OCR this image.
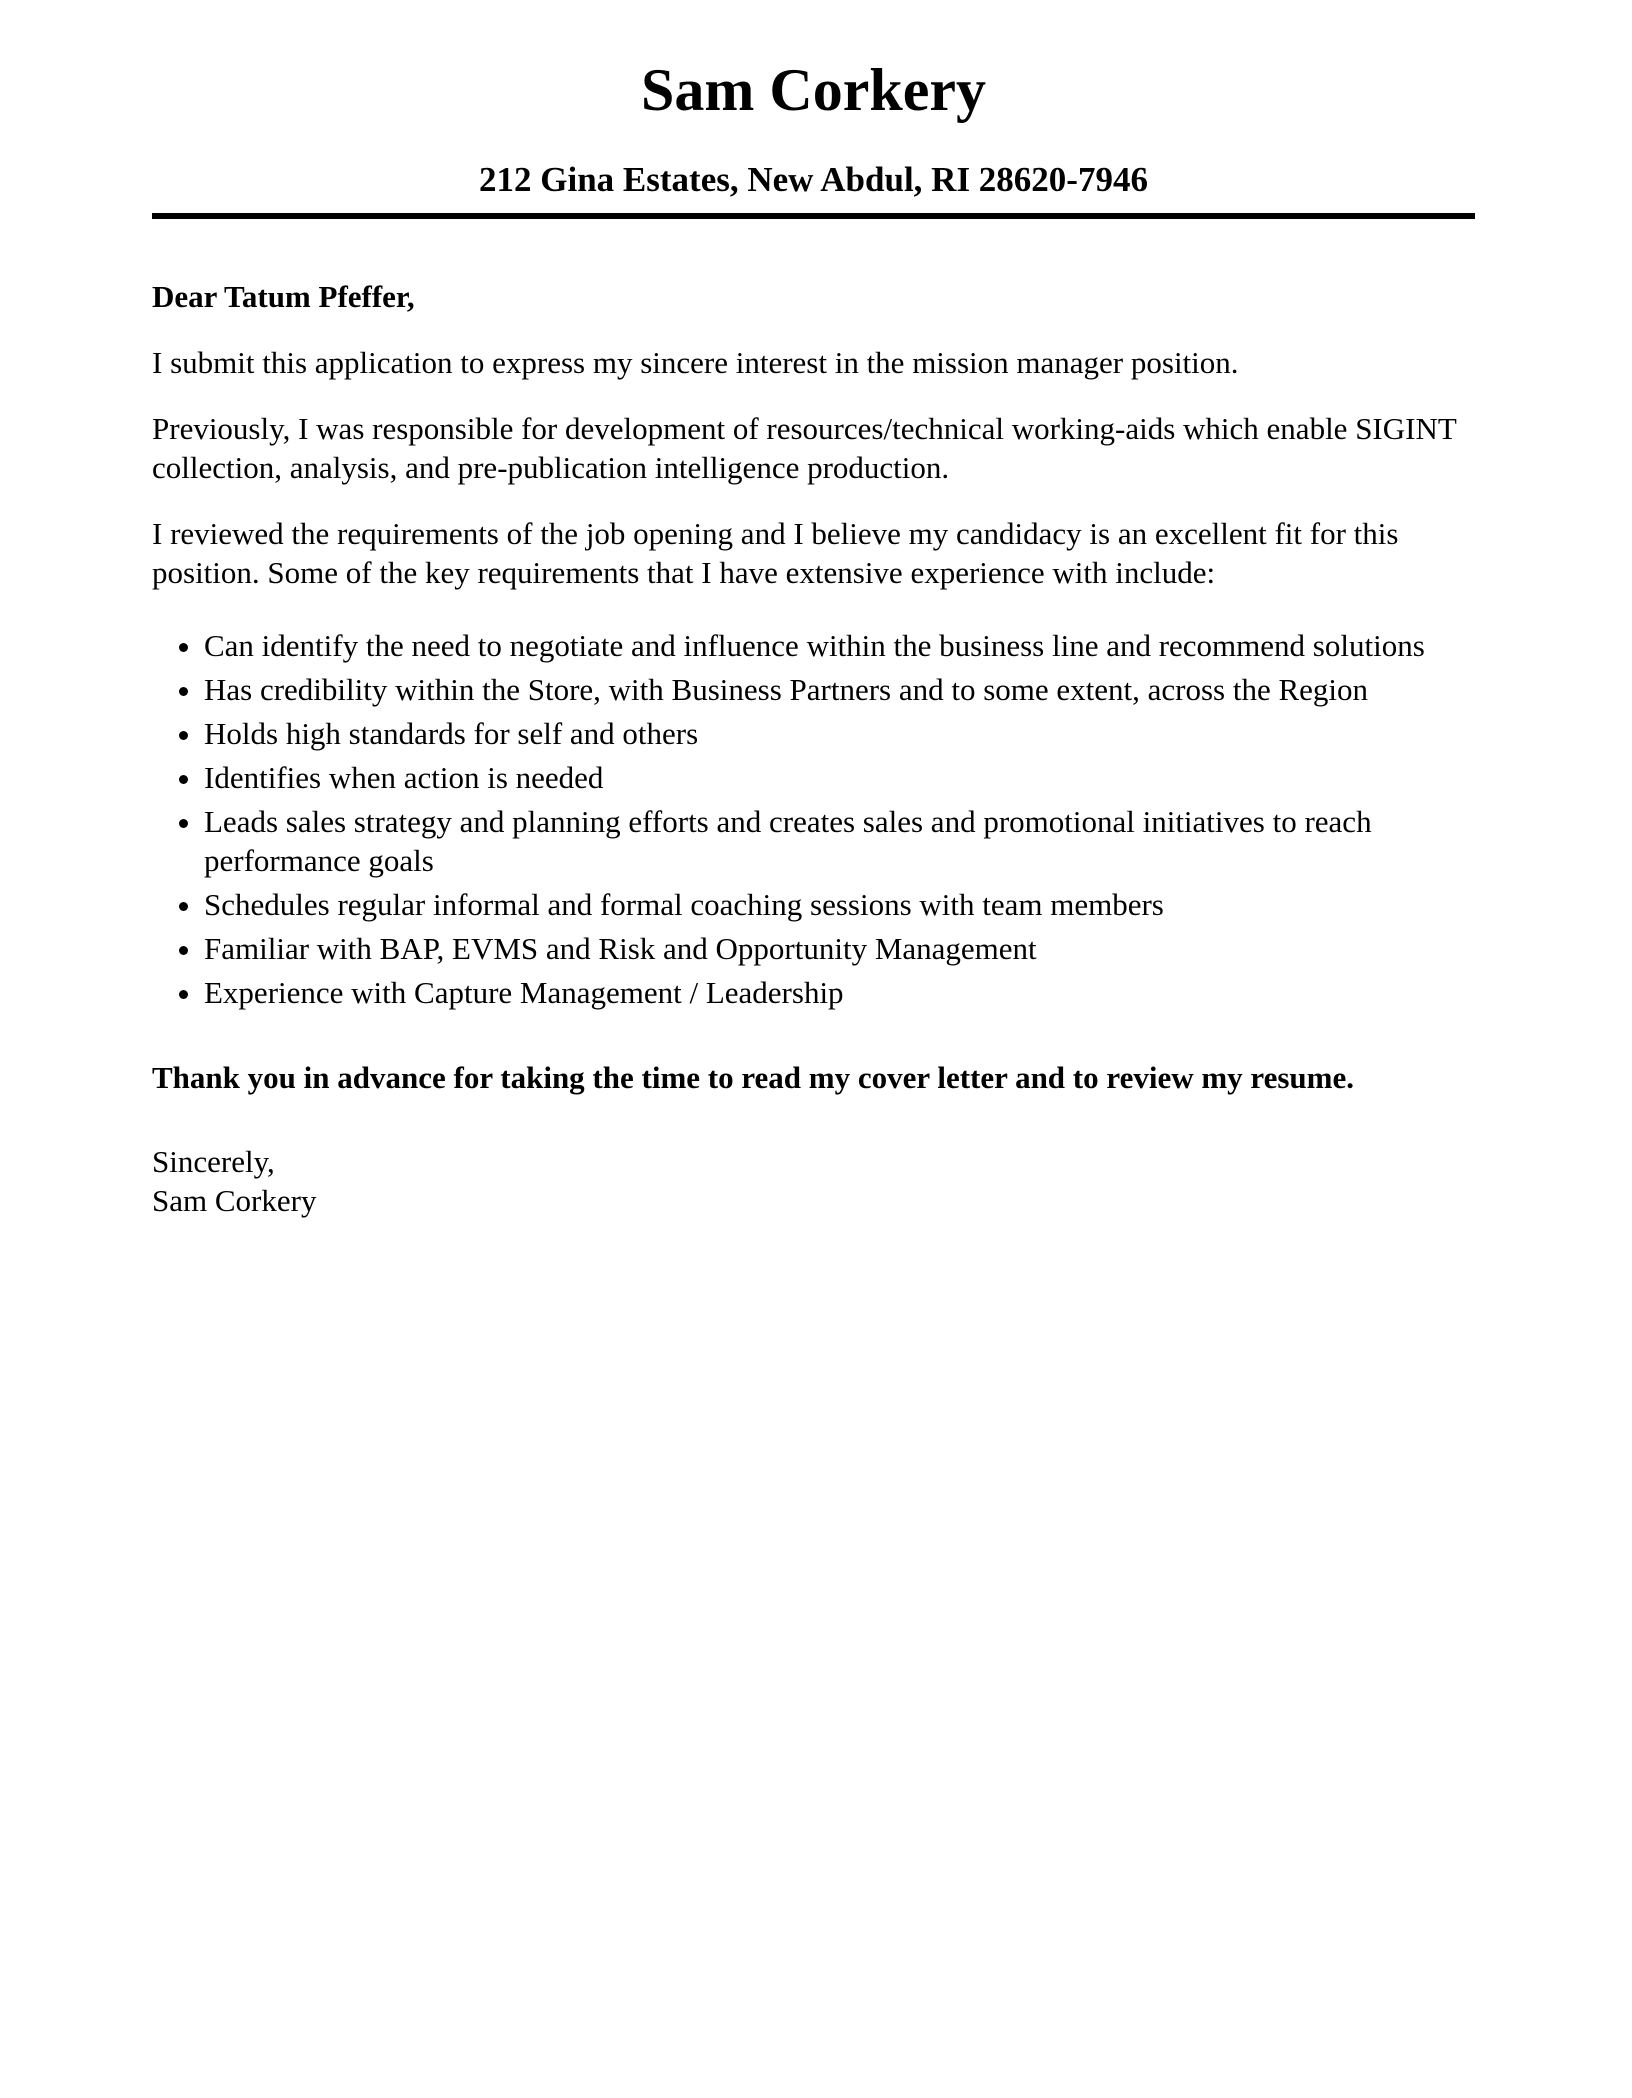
Sam Corkery
212 Gina Estates, New Abdul, RI 28620-7946

Dear Tatum Pfeffer,

I submit this application to express my sincere interest in the mission manager position.

Previously, I was responsible for development of resources/technical working-aids which enable SIGINT collection, analysis, and pre-publication intelligence production.

I reviewed the requirements of the job opening and I believe my candidacy is an excellent fit for this position. Some of the key requirements that I have extensive experience with include:

• Can identify the need to negotiate and influence within the business line and recommend solutions
• Has credibility within the Store, with Business Partners and to some extent, across the Region
• Holds high standards for self and others
• Identifies when action is needed
• Leads sales strategy and planning efforts and creates sales and promotional initiatives to reach performance goals
• Schedules regular informal and formal coaching sessions with team members
• Familiar with BAP, EVMS and Risk and Opportunity Management
• Experience with Capture Management / Leadership

Thank you in advance for taking the time to read my cover letter and to review my resume.

Sincerely,
Sam Corkery
